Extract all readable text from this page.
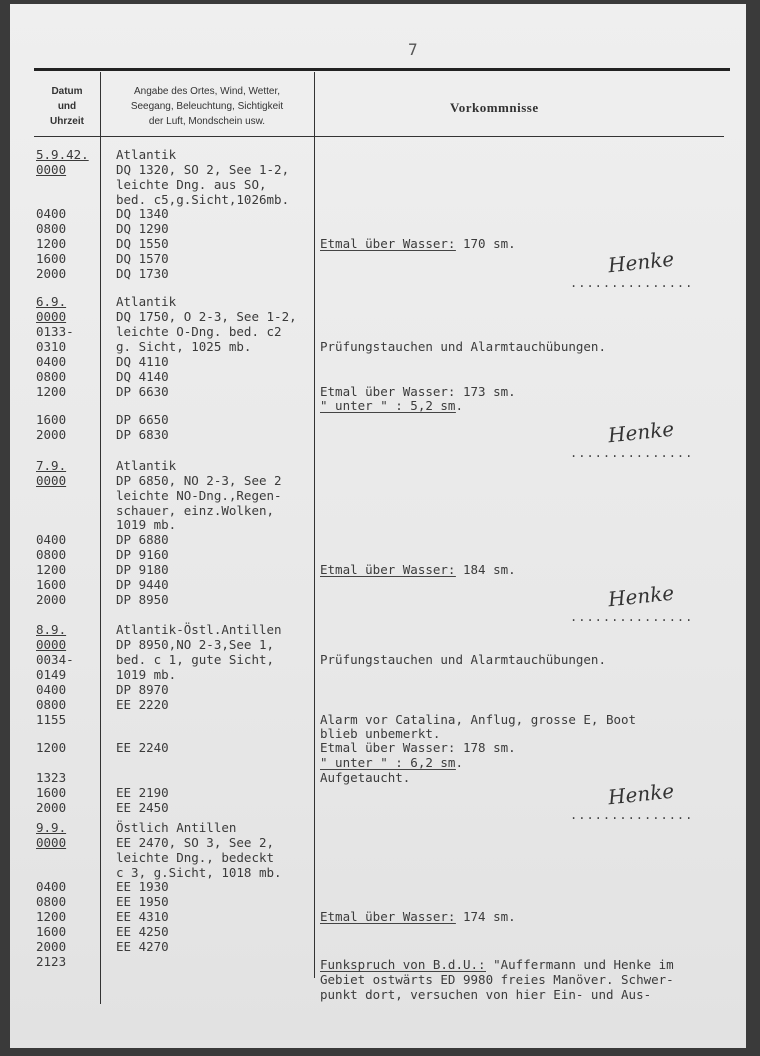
7
Datum
und
Uhrzeit
Angabe des Ortes, Wind, Wetter,
Seegang, Beleuchtung, Sichtigkeit
der Luft, Mondschein usw.
Vorkommnisse
5.9.42.
0000
0400
0800
1200
1600
2000
6.9.
0000
0133-
0310
0400
0800
1200
1600
2000
7.9.
0000
0400
0800
1200
1600
2000
8.9.
0000
0034-
0149
0400
0800
1155
1200
1323
1600
2000
9.9.
0000
0400
0800
1200
1600
2000
2123
Atlantik
DQ 1320, SO 2, See 1-2,
leichte Dng. aus SO,
bed. c5,g.Sicht,1026mb.
DQ 1340
DQ 1290
DQ 1550
DQ 1570
DQ 1730
Atlantik
DQ 1750, O 2-3, See 1-2,
leichte O-Dng. bed. c2
g. Sicht, 1025 mb.
DQ 4110
DQ 4140
DP 6630
DP 6650
DP 6830
Atlantik
DP 6850, NO 2-3, See 2
leichte NO-Dng.,Regen-
schauer, einz.Wolken,
1019 mb.
DP 6880
DP 9160
DP 9180
DP 9440
DP 8950
Atlantik-Östl.Antillen
DP 8950,NO 2-3,See 1,
bed. c 1, gute Sicht,
1019 mb.
DP 8970
EE 2220
EE 2240
EE 2190
EE 2450
Östlich Antillen
EE 2470, SO 3, See 2,
leichte Dng., bedeckt
c 3, g.Sicht, 1018 mb.
EE 1930
EE 1950
EE 4310
EE 4250
EE 4270
Etmal über Wasser: 170 sm.
Prüfungstauchen und Alarmtauchübungen.
Etmal über Wasser: 173 sm.
" unter " : 5,2 sm.
Etmal über Wasser: 184 sm.
Prüfungstauchen und Alarmtauchübungen.
Alarm vor Catalina, Anflug, grosse E, Boot
blieb unbemerkt.
Etmal über Wasser: 178 sm.
" unter " : 6,2 sm.
Aufgetaucht.
Etmal über Wasser: 174 sm.
Funkspruch von B.d.U.: "Auffermann und Henke im
Gebiet ostwärts ED 9980 freies Manöver. Schwer-
punkt dort, versuchen von hier Ein- und Aus-
Henke
...............
Henke
...............
Henke
...............
Henke
...............
